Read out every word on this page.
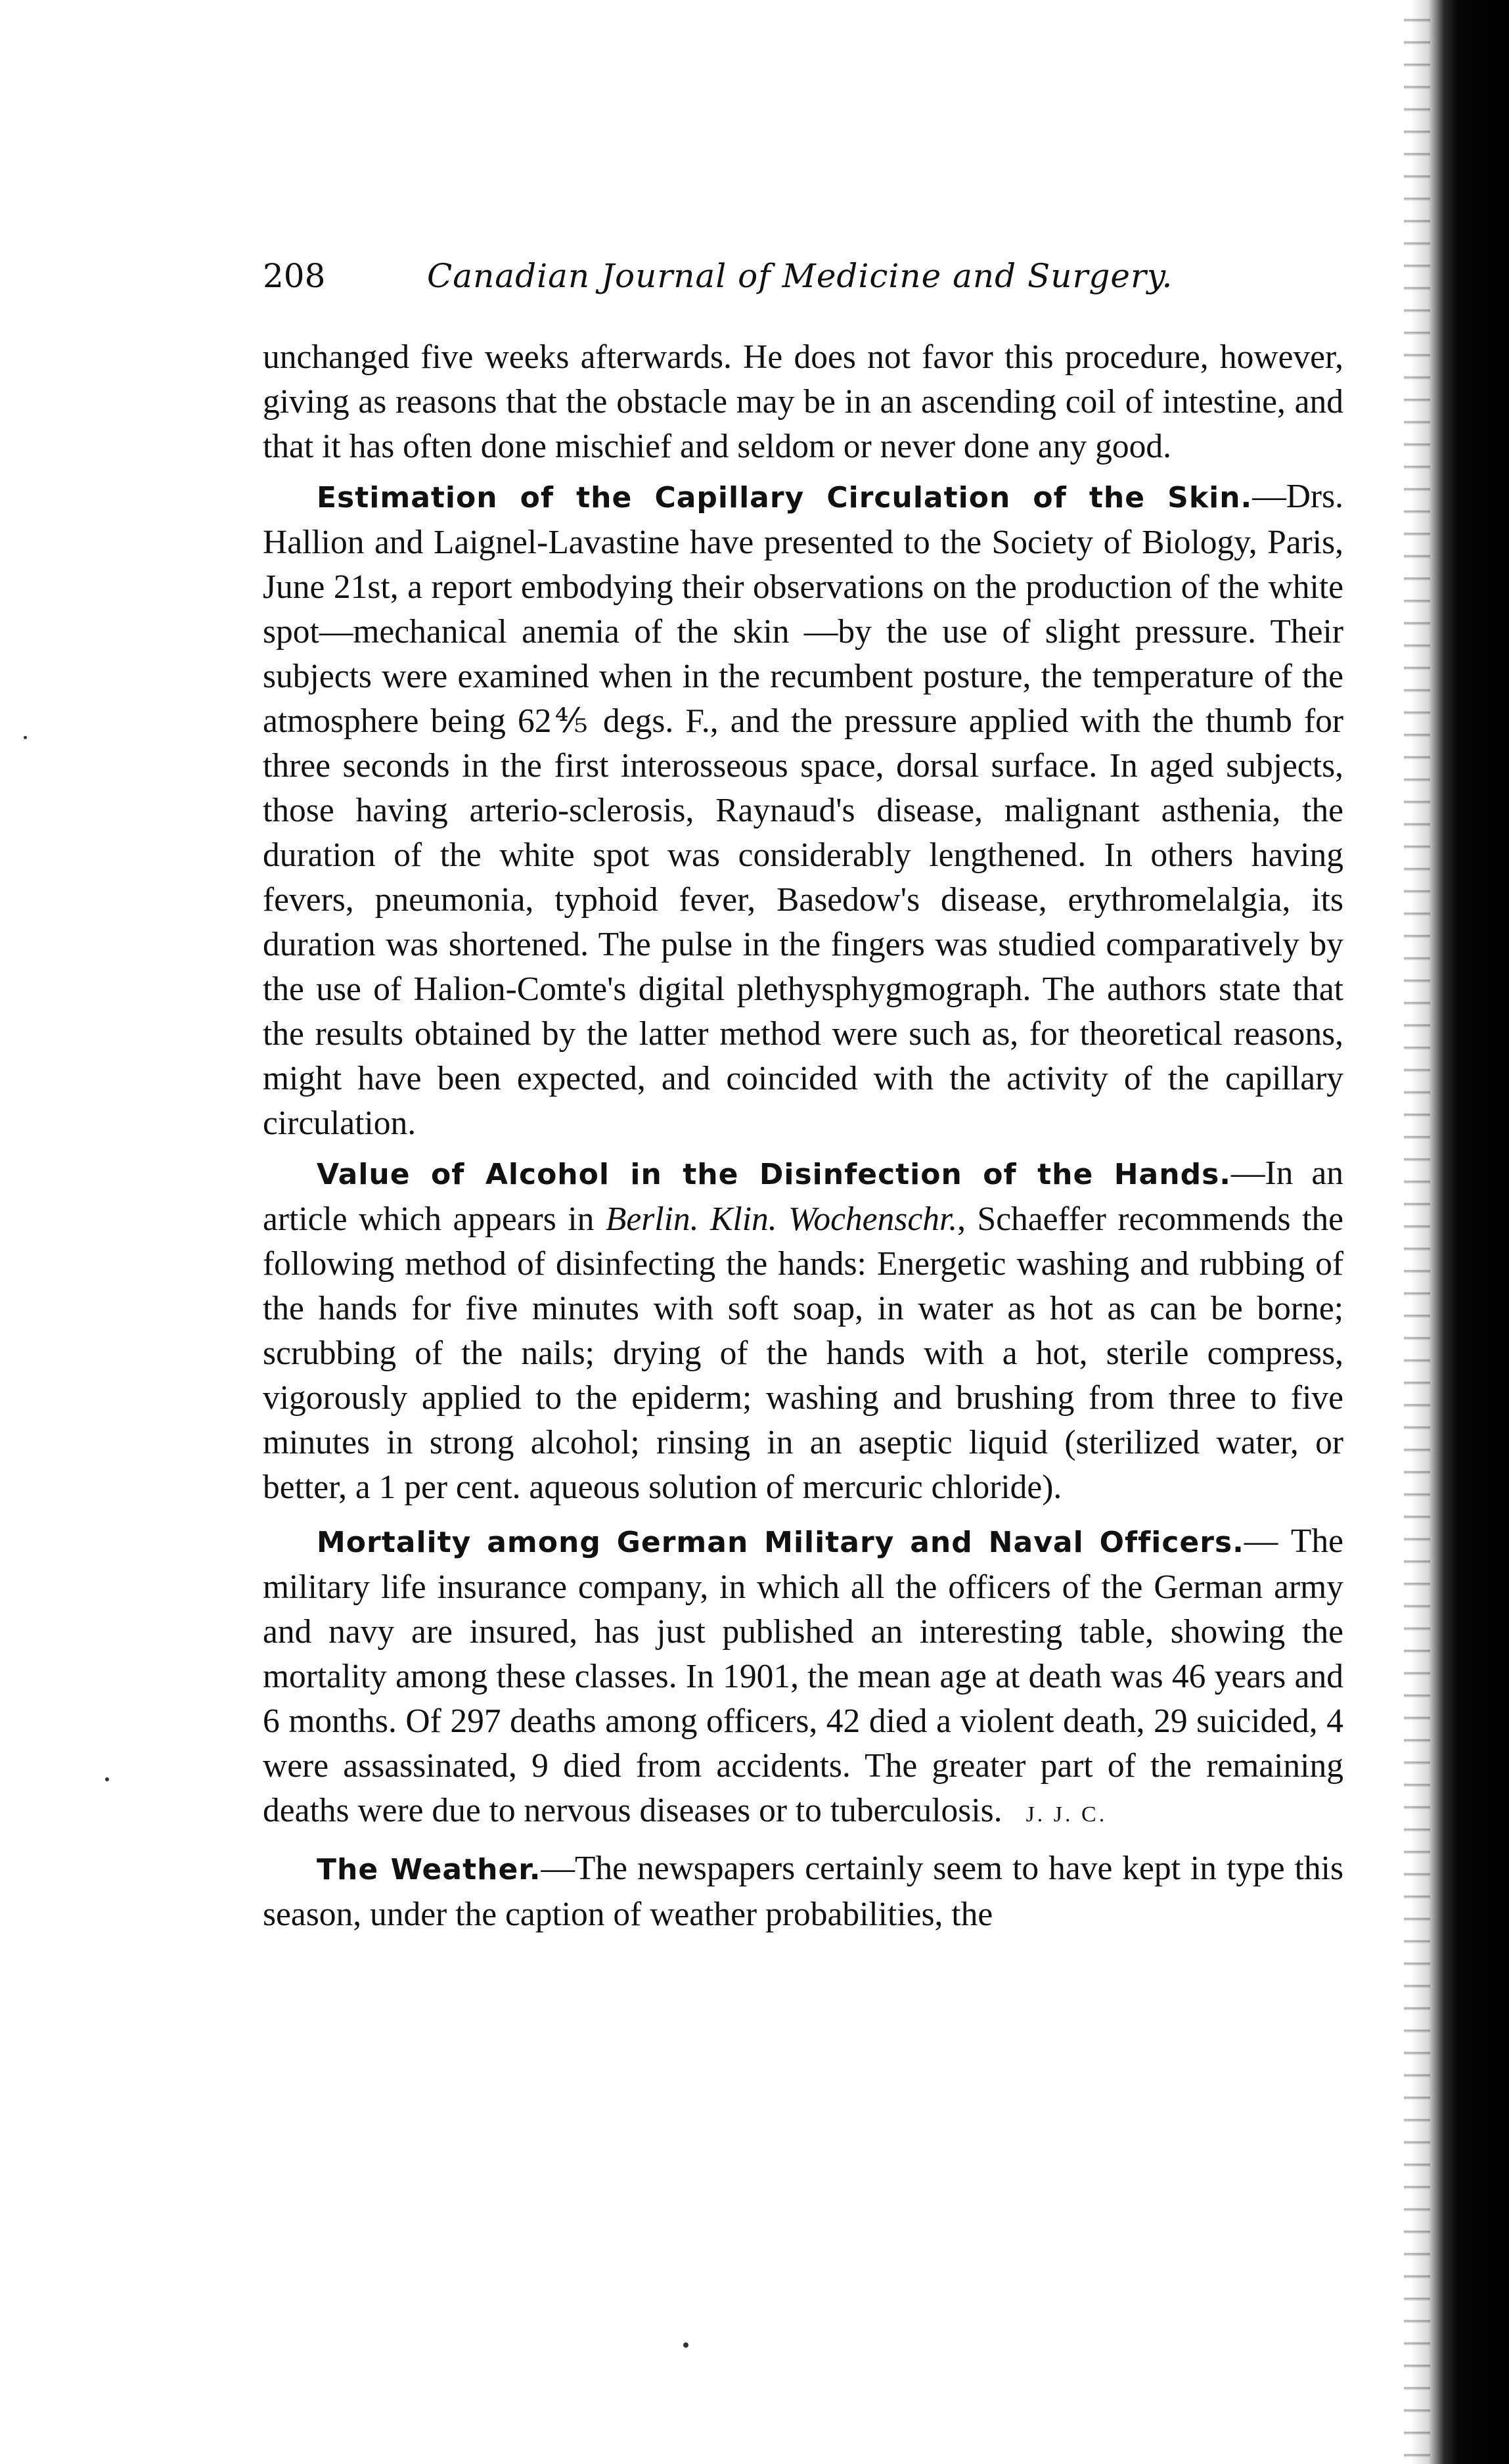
208	Canadian Journal of Medicine and Surgery.

unchanged five weeks afterwards. He does not favor this procedure, however, giving as reasons that the obstacle may be in an ascending coil of intestine, and that it has often done mischief and seldom or never done any good.

Estimation of the Capillary Circulation of the Skin.—Drs. Hallion and Laignel-Lavastine have presented to the Society of Biology, Paris, June 21st, a report embodying their observations on the production of the white spot—mechanical anemia of the skin —by the use of slight pressure. Their subjects were examined when in the recumbent posture, the temperature of the atmosphere being 62⅘ degs. F., and the pressure applied with the thumb for three seconds in the first interosseous space, dorsal surface. In aged subjects, those having arterio-sclerosis, Raynaud's disease, malignant asthenia, the duration of the white spot was considerably lengthened. In others having fevers, pneumonia, typhoid fever, Basedow's disease, erythromelalgia, its duration was shortened. The pulse in the fingers was studied comparatively by the use of Halion-Comte's digital plethysphygmograph. The authors state that the results obtained by the latter method were such as, for theoretical reasons, might have been expected, and coincided with the activity of the capillary circulation.

Value of Alcohol in the Disinfection of the Hands.—In an article which appears in Berlin. Klin. Wochenschr., Schaeffer recommends the following method of disinfecting the hands: Energetic washing and rubbing of the hands for five minutes with soft soap, in water as hot as can be borne; scrubbing of the nails; drying of the hands with a hot, sterile compress, vigorously applied to the epiderm; washing and brushing from three to five minutes in strong alcohol; rinsing in an aseptic liquid (sterilized water, or better, a 1 per cent. aqueous solution of mercuric chloride).

Mortality among German Military and Naval Officers.— The military life insurance company, in which all the officers of the German army and navy are insured, has just published an interesting table, showing the mortality among these classes. In 1901, the mean age at death was 46 years and 6 months. Of 297 deaths among officers, 42 died a violent death, 29 suicided, 4 were assassinated, 9 died from accidents. The greater part of the remaining deaths were due to nervous diseases or to tuberculosis. J. J. C.

The Weather.—The newspapers certainly seem to have kept in type this season, under the caption of weather probabilities, the
